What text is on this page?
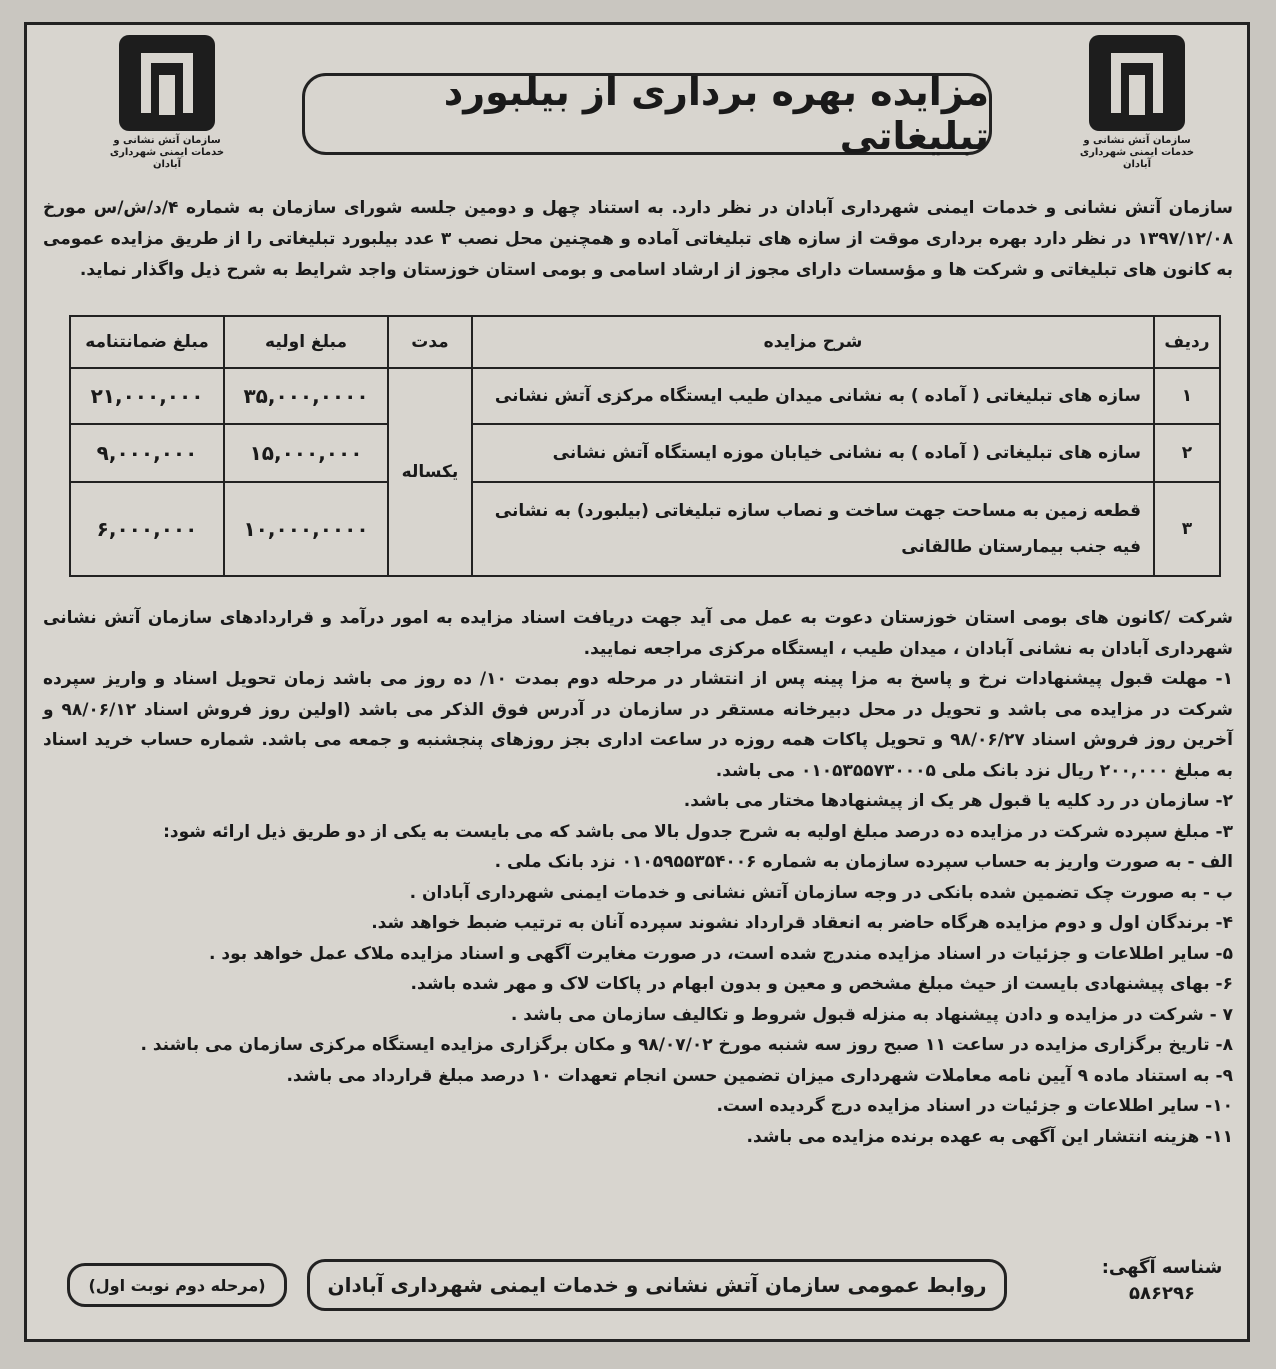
سازمان آتش نشانی و خدمات ایمنی شهرداری آبادان
سازمان آتش نشانی و خدمات ایمنی شهرداری آبادان
مزایده بهره برداری از بیلبورد تبلیغاتی
سازمان آتش نشانی و خدمات ایمنی شهرداری آبادان در نظر دارد. به استناد چهل و دومین جلسه شورای سازمان به شماره ۴/د/ش/س مورخ ۱۳۹۷/۱۲/۰۸ در نظر دارد بهره برداری موقت از سازه های تبلیغاتی آماده و همچنین محل نصب ۳ عدد بیلبورد تبلیغاتی را از طریق مزایده عمومی به کانون های تبلیغاتی و شرکت ها و مؤسسات دارای مجوز از ارشاد اسامی و بومی استان خوزستان واجد شرایط به شرح ذیل واگذار نماید.
ردیف	شرح مزایده	مدت	مبلغ اولیه	مبلغ ضمانتنامه
۱	سازه های تبلیغاتی ( آماده ) به نشانی میدان طیب ایستگاه مرکزی آتش نشانی	یکساله	۳۵,۰۰۰,۰۰۰۰	۲۱,۰۰۰,۰۰۰
۲	سازه های تبلیغاتی ( آماده ) به نشانی خیابان موزه ایستگاه آتش نشانی		۱۵,۰۰۰,۰۰۰	۹,۰۰۰,۰۰۰
۳	قطعه زمین به مساحت جهت ساخت و نصاب سازه تبلیغاتی (بیلبورد) به نشانی فیه جنب بیمارستان طالقانی		۱۰,۰۰۰,۰۰۰۰	۶,۰۰۰,۰۰۰

شرکت /کانون های بومی استان خوزستان دعوت به عمل می آید جهت دریافت اسناد مزایده به امور درآمد و قراردادهای سازمان آتش نشانی شهرداری آبادان به نشانی آبادان ، میدان طیب ، ایستگاه مرکزی مراجعه نمایید.

۱- مهلت قبول پیشنهادات نرخ و پاسخ به مزا پینه پس از انتشار در مرحله دوم بمدت ۱۰/ ده روز می باشد زمان تحویل اسناد و واریز سپرده شرکت در مزایده می باشد و تحویل در محل دبیرخانه مستقر در سازمان در آدرس فوق الذکر می باشد (اولین روز فروش اسناد ۹۸/۰۶/۱۲ و آخرین روز فروش اسناد ۹۸/۰۶/۲۷ و تحویل پاکات همه روزه در ساعت اداری بجز روزهای پنجشنبه و جمعه می باشد. شماره حساب خرید اسناد به مبلغ ۲۰۰,۰۰۰ ریال نزد بانک ملی ۰۱۰۵۳۵۵۷۳۰۰۰۵ می باشد.

۲- سازمان در رد کلیه یا قبول هر یک از پیشنهادها مختار می باشد.

۳- مبلغ سپرده شرکت در مزایده ده درصد مبلغ اولیه به شرح جدول بالا می باشد که می بایست به یکی از دو طریق ذیل ارائه شود:

الف - به صورت واریز به حساب سپرده سازمان به شماره ۰۱۰۵۹۵۵۳۵۴۰۰۶ نزد بانک ملی .

ب - به صورت چک تضمین شده بانکی در وجه سازمان آتش نشانی و خدمات ایمنی شهرداری آبادان .

۴- برندگان اول و دوم مزایده هرگاه حاضر به انعقاد قرارداد نشوند سپرده آنان به ترتیب ضبط خواهد شد.

۵- سایر اطلاعات و جزئیات در اسناد مزایده مندرج شده است، در صورت مغایرت آگهی و اسناد مزایده ملاک عمل خواهد بود .

۶- بهای پیشنهادی بایست از حیث مبلغ مشخص و معین و بدون ابهام در پاکات لاک و مهر شده باشد.

۷ - شرکت در مزایده و دادن پیشنهاد به منزله قبول شروط و تکالیف سازمان می باشد .

۸- تاریخ برگزاری مزایده در ساعت ۱۱ صبح روز سه شنبه مورخ ۹۸/۰۷/۰۲ و مکان برگزاری مزایده ایستگاه مرکزی سازمان می باشند .

۹- به استناد ماده ۹ آیین نامه معاملات شهرداری میزان تضمین حسن انجام تعهدات ۱۰ درصد مبلغ قرارداد می باشد.

۱۰- سایر اطلاعات و جزئیات در اسناد مزایده درج گردیده است.

۱۱- هزینه انتشار این آگهی به عهده برنده مزایده می باشد.

شناسه آگهی:
۵۸۶۲۹۶
روابط عمومی سازمان آتش نشانی و خدمات ایمنی شهرداری آبادان
(مرحله دوم نوبت اول)
